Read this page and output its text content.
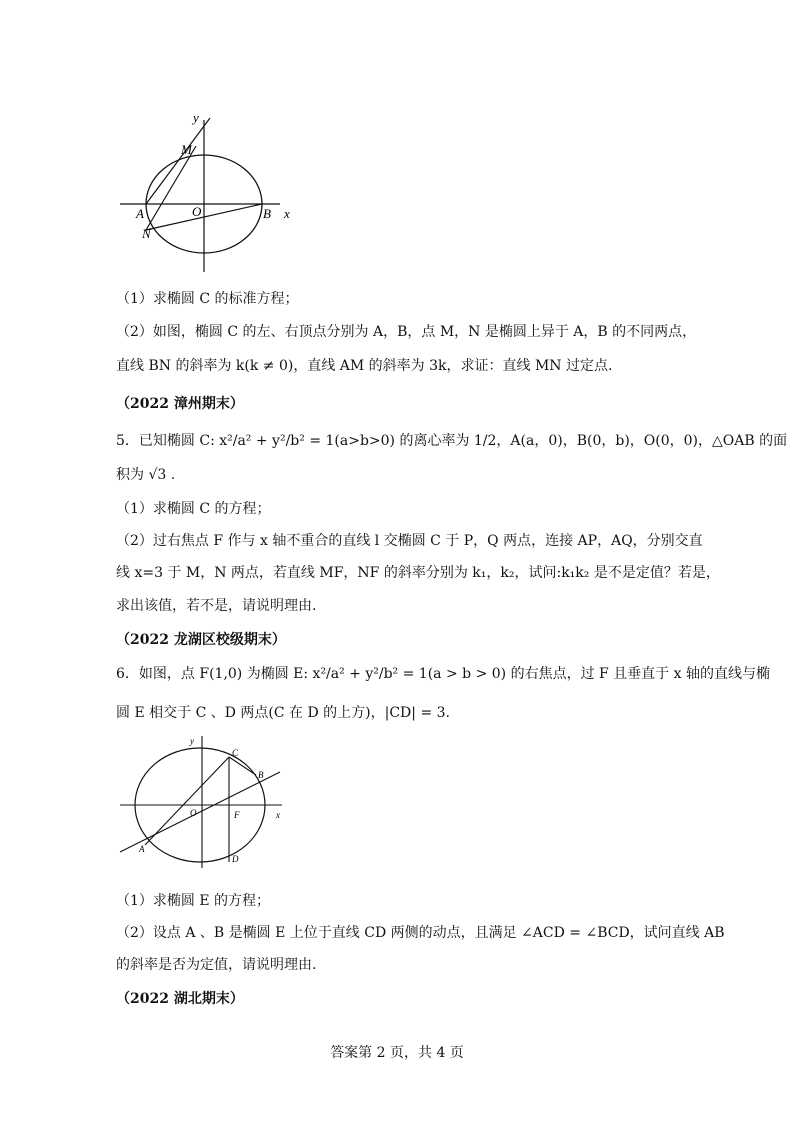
y
x
M
A	O	B
N
（1）求椭圆 C 的标准方程；
（2）如图，椭圆 C 的左、右顶点分别为 A，B，点 M，N 是椭圆上异于 A，B 的不同两点，
直线 BN 的斜率为 k(k ≠ 0)，直线 AM 的斜率为 3k，求证：直线 MN 过定点.
（2022 漳州期末）
5．已知椭圆 C: x²/a² + y²/b² = 1(a>b>0) 的离心率为 1/2，A(a，0)，B(0，b)，O(0，0)，△OAB 的面
积为 √3 .
（1）求椭圆 C 的方程；
（2）过右焦点 F 作与 x 轴不重合的直线 l 交椭圆 C 于 P，Q 两点，连接 AP，AQ，分别交直
线 x=3 于 M，N 两点，若直线 MF，NF 的斜率分别为 k₁，k₂，试问:k₁k₂ 是不是定值？若是，
求出该值，若不是，请说明理由.
（2022 龙湖区校级期末）
6．如图，点 F(1,0) 为椭圆 E: x²/a² + y²/b² = 1(a > b > 0) 的右焦点，过 F 且垂直于 x 轴的直线与椭
圆 E 相交于 C 、D 两点(C 在 D 的上方)，|CD| = 3.
y
x
C
B
O	F
A
D
（1）求椭圆 E 的方程；
（2）设点 A 、B 是椭圆 E 上位于直线 CD 两侧的动点，且满足 ∠ACD = ∠BCD，试问直线 AB
的斜率是否为定值，请说明理由.
（2022 湖北期末）
答案第 2 页，共 4 页
